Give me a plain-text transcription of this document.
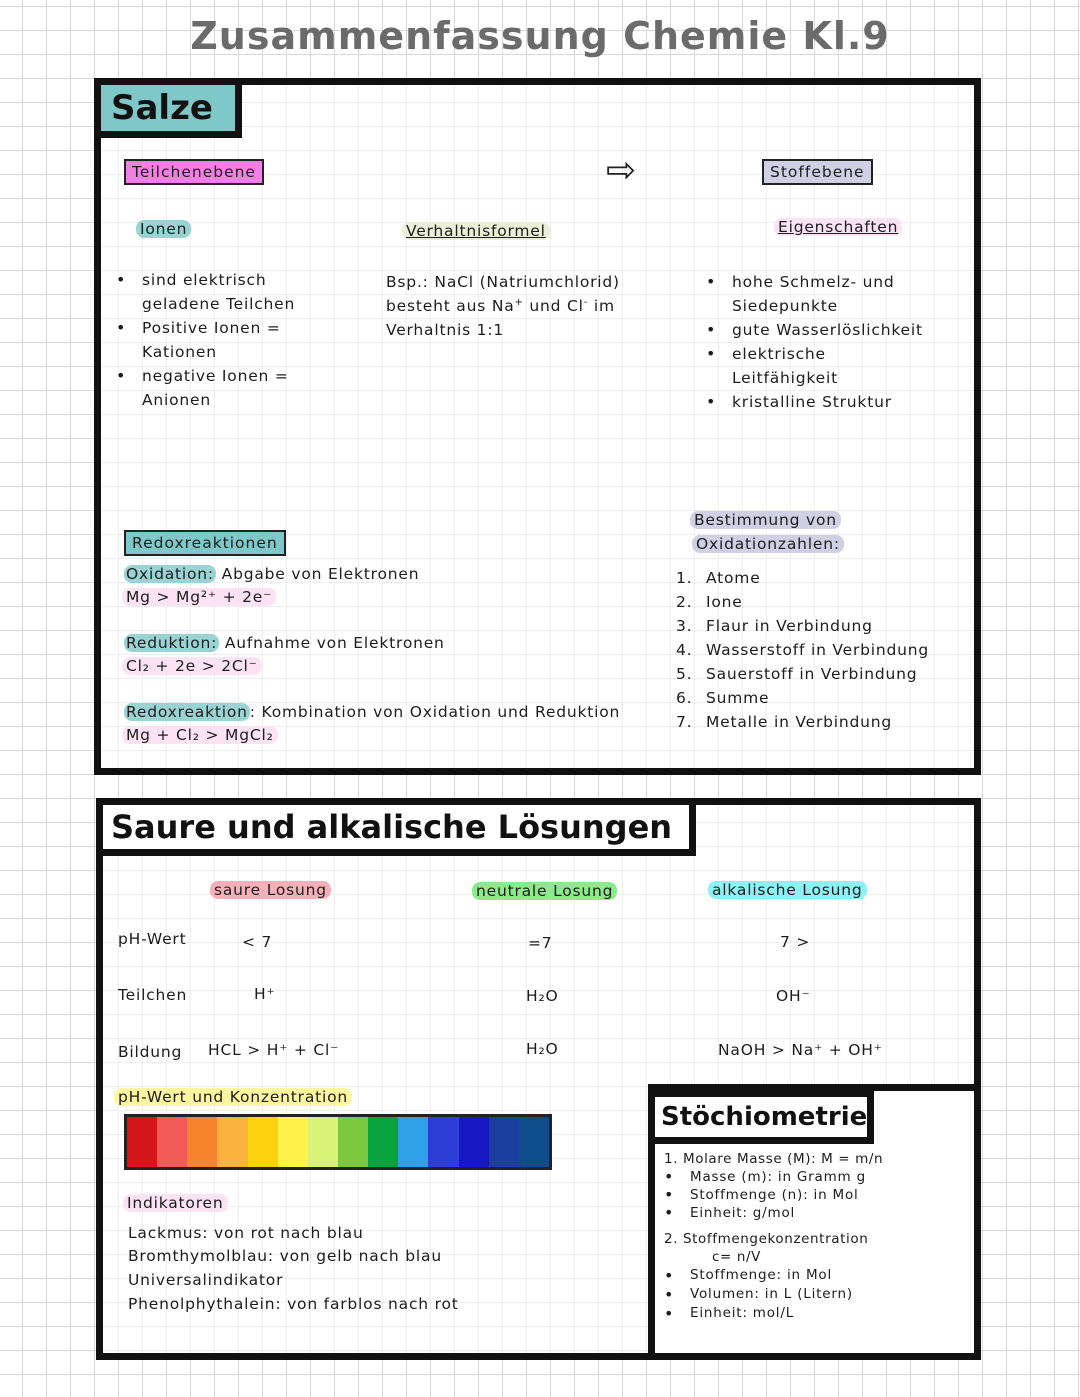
Zusammenfassung Chemie Kl.9
Salze
Teilchenebene	⇨	Stoffebene
Ionen
• sind elektrisch geladene Teilchen
• Positive Ionen = Kationen
• negative Ionen = Anionen
Verhaltnisformel
Bsp.: NaCl (Natriumchlorid)
besteht aus Na+ und Cl- im
Verhaltnis 1:1
Eigenschaften
• hohe Schmelz- und Siedepunkte
• gute Wasserlöslichkeit
• elektrische Leitfähigkeit
• kristalline Struktur
Redoxreaktionen
Oxidation: Abgabe von Elektronen
Mg > Mg²⁺ + 2e⁻
Reduktion: Aufnahme von Elektronen
Cl₂ + 2e > 2Cl⁻
Redoxreaktion : Kombination von Oxidation und Reduktion
Mg + Cl₂ > MgCl₂
Bestimmung von
Oxidationzahlen:
1. Atome
2. Ione
3. Flaur in Verbindung
4. Wasserstoff in Verbindung
5. Sauerstoff in Verbindung
6. Summe
7. Metalle in Verbindung
Saure und alkalische Lösungen
saure Losung	neutrale Losung	alkalische Losung
pH-Wert	< 7	=7	7 >
Teilchen	H⁺	H₂O	OH⁻
Bildung HCL > H⁺ + Cl⁻	H₂O	NaOH > Na⁺ + OH⁺
pH-Wert und Konzentration
Indikatoren
Lackmus: von rot nach blau
Bromthymolblau: von gelb nach blau
Universalindikator
Phenolphythalein: von farblos nach rot
Stöchiometrie
1. Molare Masse (M): M = m/n
• Masse (m): in Gramm g
• Stoffmenge (n): in Mol
• Einheit: g/mol
2. Stoffmengekonzentration
c= n/V
• Stoffmenge: in Mol
• Volumen: in L (Litern)
• Einheit: mol/L
